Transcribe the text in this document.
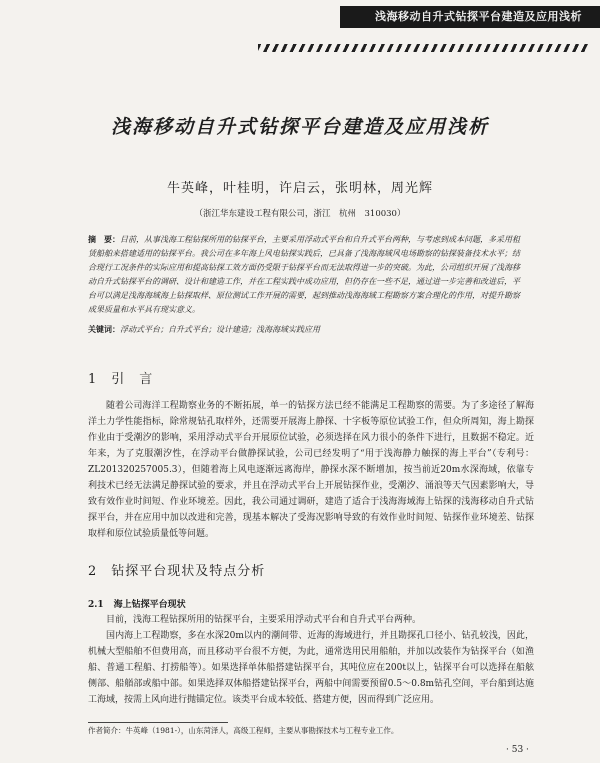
浅海移动自升式钻探平台建造及应用浅析
浅海移动自升式钻探平台建造及应用浅析
牛英峰，叶桂明，许启云，张明林，周光辉
（浙江华东建设工程有限公司，浙江　杭州　310030）
摘　要：目前，从事浅海工程钻探所用的钻探平台，主要采用浮动式平台和自升式平台两种，与考虑到成本问题，多采用租赁船舶来搭建适用的钻探平台。我公司在多年海上风电钻探实践后，已具备了浅海海域风电场勘察的钻探装备技术水平；结合现行工况条件的实际应用和提高钻探工效方面仍受限于钻探平台而无法取得进一步的突破。为此，公司组织开展了浅海移动自升式钻探平台的调研、设计和建造工作，并在工程实践中成功应用，但仍存在一些不足，通过进一步完善和改进后，平台可以满足浅海海域海上钻探取样、原位测试工作开展的需要，起到推动浅海海域工程勘察方案合理化的作用，对提升勘察成果质量和水平具有现实意义。
关键词：浮动式平台；自升式平台；设计建造；浅海海域实践应用
1 引　言
随着公司海洋工程勘察业务的不断拓展，单一的钻探方法已经不能满足工程勘察的需要。为了多途径了解海洋土力学性能指标，除常规钻孔取样外，还需要开展海上静探、十字板等原位试验工作，但众所周知，海上勘探作业由于受潮汐的影响，采用浮动式平台开展原位试验，必须选择在风力很小的条件下进行，且数据不稳定。近年来，为了克服潮汐性，在浮动平台做静探试验，公司已经发明了“用于浅海静力触探的海上平台”（专利号：ZL201320257005.3），但随着海上风电逐渐远离海岸，静探水深不断增加，按当前近20m水深海域，依靠专利技术已经无法满足静探试验的要求，并且在浮动式平台上开展钻探作业，受潮汐、涌浪等天气因素影响大，导致有效作业时间短、作业环境差。因此，我公司通过调研，建造了适合于浅海海域海上钻探的浅海移动自升式钻探平台，并在应用中加以改进和完善，现基本解决了受海况影响导致的有效作业时间短、钻探作业环境差、钻探取样和原位试验质量低等问题。
2 钻探平台现状及特点分析
2.1 海上钻探平台现状
目前，浅海工程钻探所用的钻探平台，主要采用浮动式平台和自升式平台两种。
国内海上工程勘察，多在水深20m以内的潮间带、近海的海域进行，并且勘探孔口径小、钻孔较浅，因此，机械大型船舶不但费用高，而且移动平台很不方便，为此，通常选用民用船舶，并加以改装作为钻探平台（如渔船、普通工程船、打捞船等）。如果选择单体船搭建钻探平台，其吨位应在200t以上，钻探平台可以选择在船舷侧部、船艏部或船中部。如果选择双体船搭建钻探平台，两船中间需要预留0.5～0.8m钻孔空间，平台船到达施工海域，按需上风向进行抛锚定位。该类平台成本较低、搭建方便，因而得到广泛应用。
作者简介：牛英峰（1981-），山东菏泽人，高级工程师，主要从事勘探技术与工程专业工作。
· 53 ·
